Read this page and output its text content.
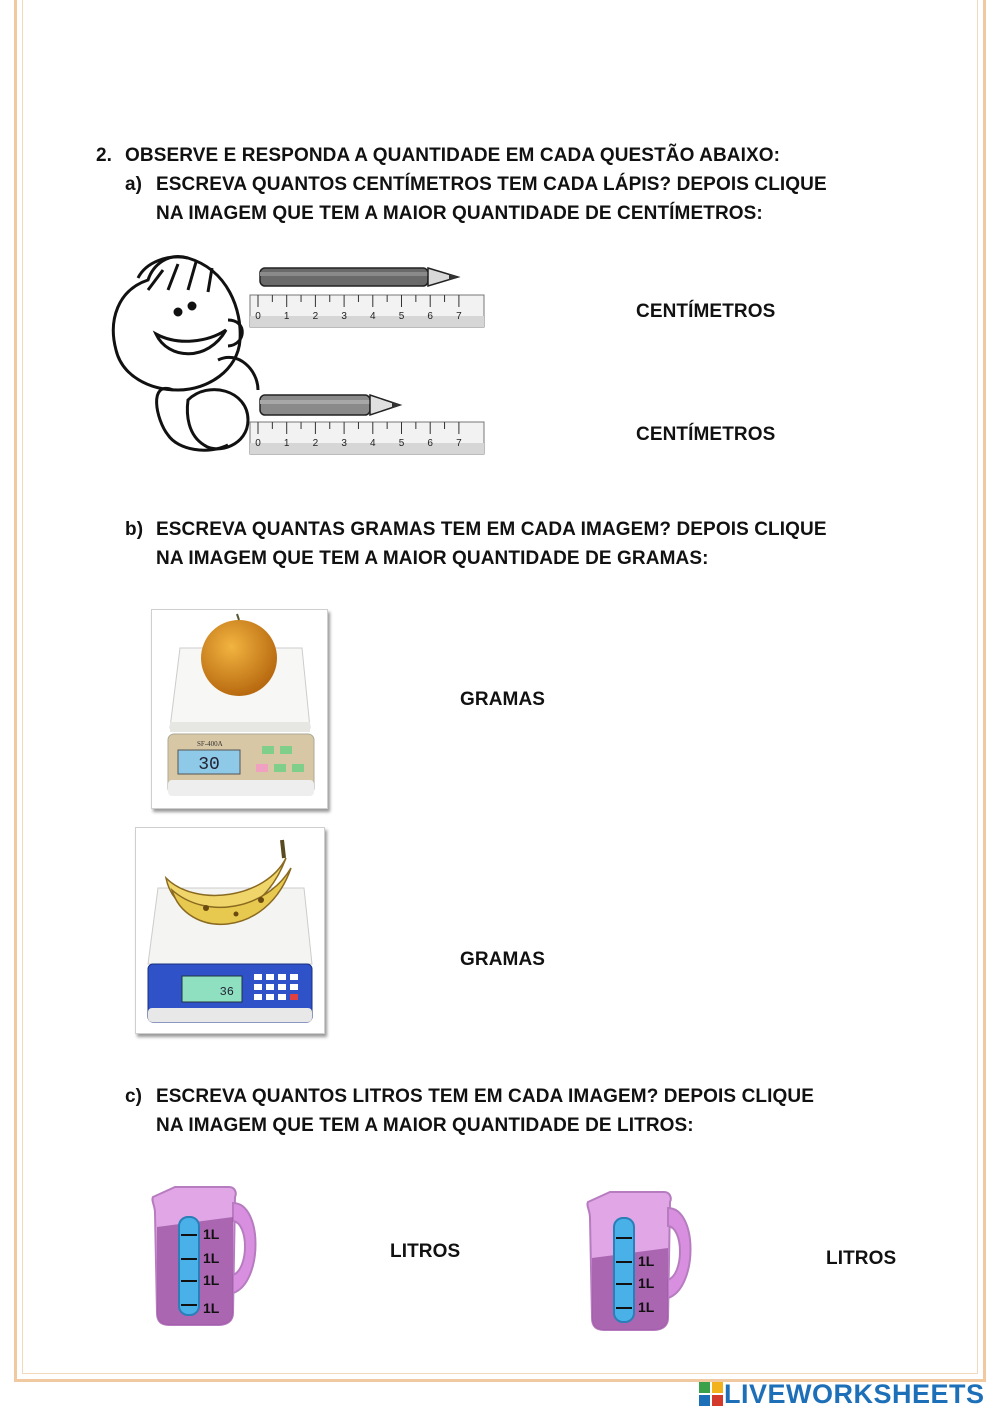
2. OBSERVE E RESPONDA A QUANTIDADE EM CADA QUESTÃO ABAIXO:
a) ESCREVA QUANTOS CENTÍMETROS TEM CADA LÁPIS? DEPOIS CLIQUE
NA IMAGEM QUE TEM A MAIOR QUANTIDADE DE CENTÍMETROS:
0 1 2 3 4 5 6 7
0 1 2 3 4 5 6 7
CENTÍMETROS
CENTÍMETROS
b) ESCREVA QUANTAS GRAMAS TEM EM CADA IMAGEM? DEPOIS CLIQUE
NA IMAGEM QUE TEM A MAIOR QUANTIDADE DE GRAMAS:
30
SF-400A
GRAMAS
36
GRAMAS
c) ESCREVA QUANTOS LITROS TEM EM CADA IMAGEM? DEPOIS CLIQUE
NA IMAGEM QUE TEM A MAIOR QUANTIDADE DE LITROS:
1L
1L
1L
1L
LITROS	1L
1L
1L
LITROS
LIVEWORKSHEETS
